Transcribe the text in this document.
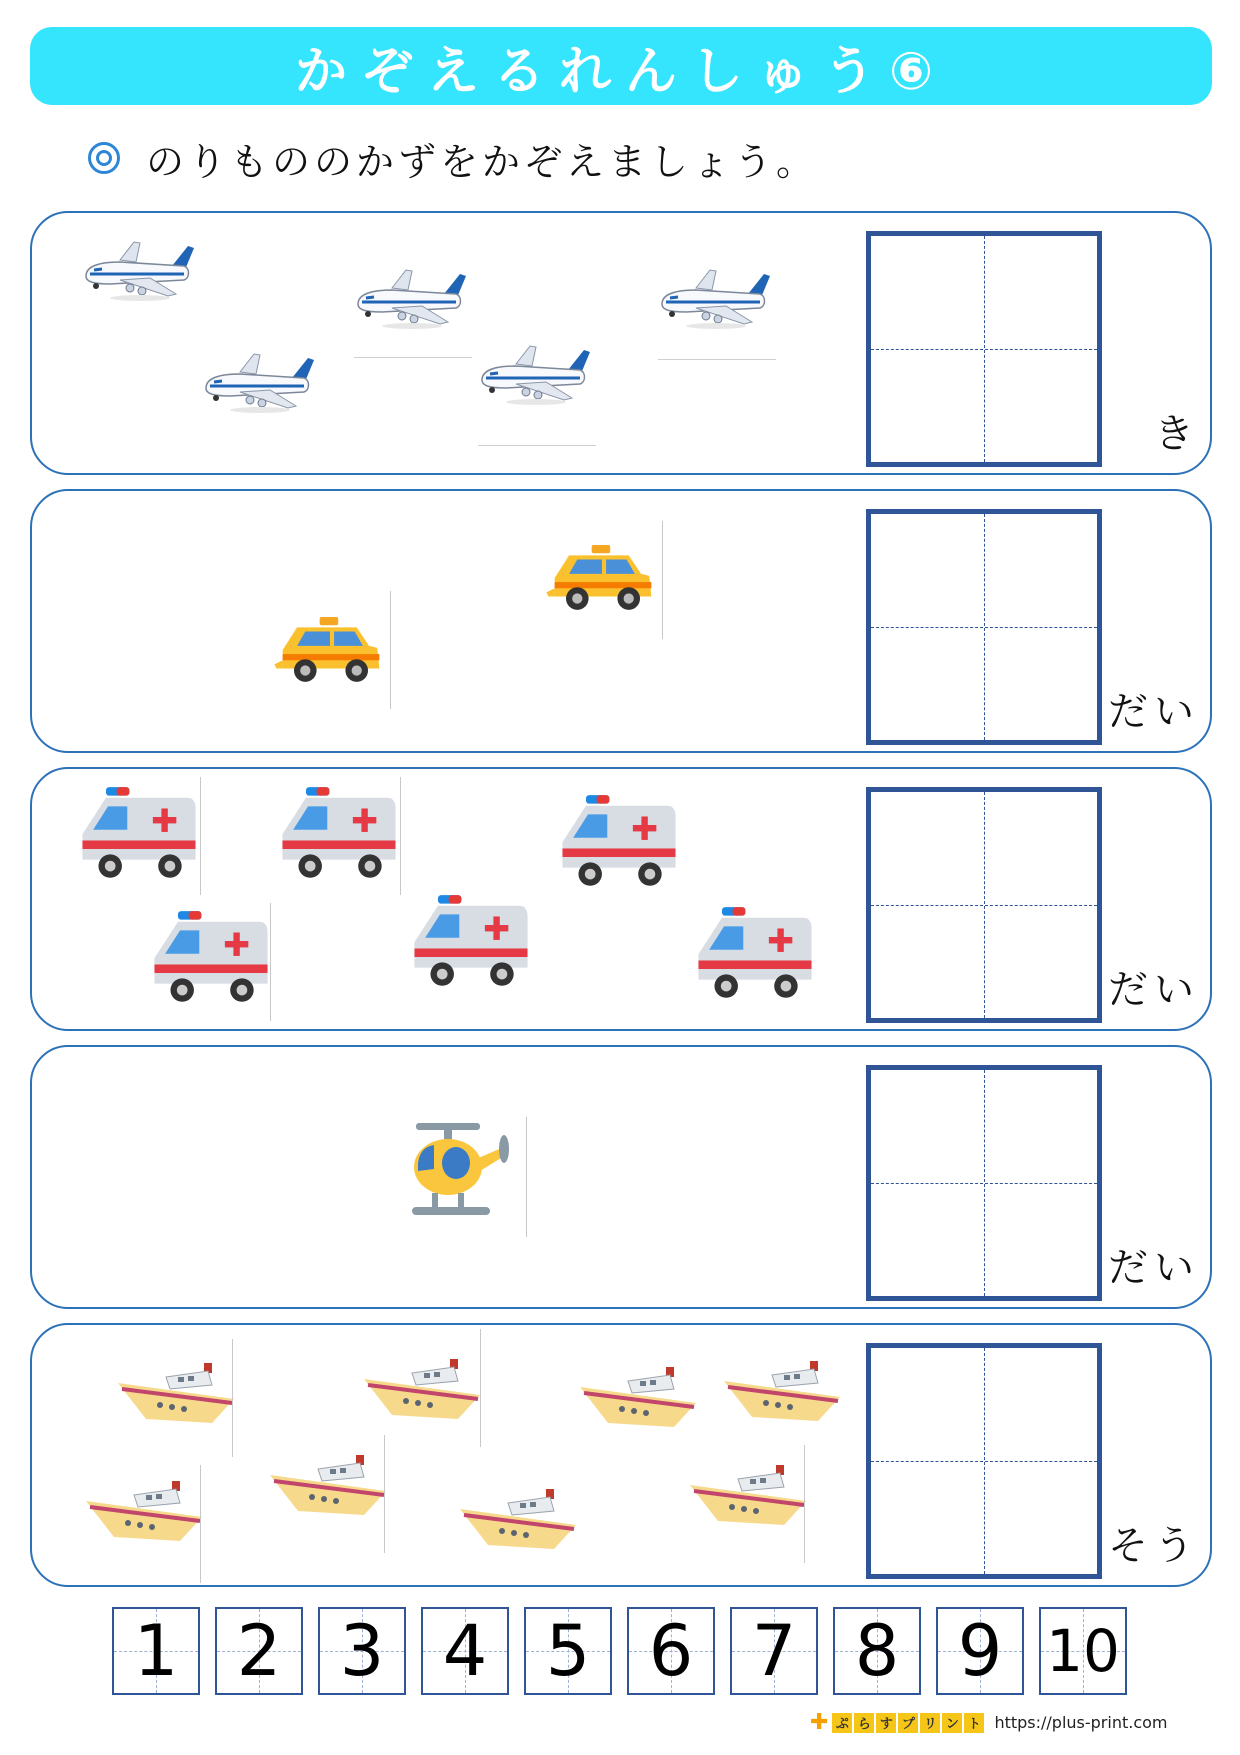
かぞえるれんしゅう⑥
のりもののかずをかぞえましょう。
き
だい
だい
だい
そう
1 2 3 4 5 6 7 8 9 10
✚ ぷ ら す プ リ ン ト https://plus-print.com
